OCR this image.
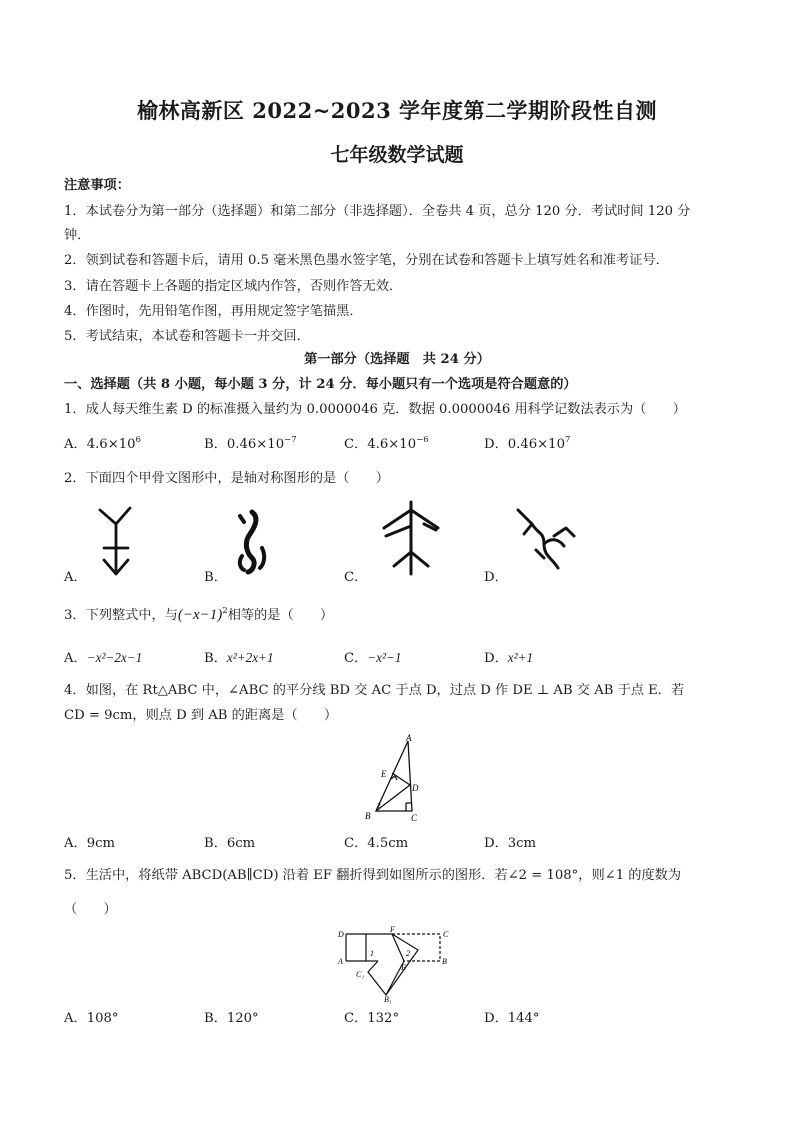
榆林高新区 2022~2023 学年度第二学期阶段性自测
七年级数学试题
注意事项：
1．本试卷分为第一部分（选择题）和第二部分（非选择题）．全卷共 4 页，总分 120 分．考试时间 120 分
钟．
2．领到试卷和答题卡后，请用 0.5 毫米黑色墨水签字笔，分别在试卷和答题卡上填写姓名和准考证号．
3．请在答题卡上各题的指定区域内作答，否则作答无效．
4．作图时，先用铅笔作图，再用规定签字笔描黑．
5．考试结束，本试卷和答题卡一并交回．
第一部分（选择题　共 24 分）
一、选择题（共 8 小题，每小题 3 分，计 24 分．每小题只有一个选项是符合题意的）
1．成人每天维生素 D 的标准摄入量约为 0.0000046 克．数据 0.0000046 用科学记数法表示为（　　）
A．$4.6\times 10^6$	B．$0.46\times 10^{-7}$	C．$4.6\times 10^{-6}$	D．$0.46\times 10^7$
2．下面四个甲骨文图形中，是轴对称图形的是（　　）
A．	B．	C．	D．
3．下列整式中，与$(-x-1)^2$相等的是（　　）
A．−x²−2x−1	B．x²+2x+1	C．−x²−1	D．x²+1
4．如图，在 Rt△ABC 中，∠ABC 的平分线 BD 交 AC 于点 D，过点 D 作 DE ⊥ AB 交 AB 于点 E．若
CD = 9cm，则点 D 到 AB 的距离是（　　）
A
E
D
B	C
2
A．9cm	B．6cm	C．4.5cm	D．3cm
5．生活中，将纸带 ABCD(AB∥CD) 沿着 EF 翻折得到如图所示的图形．若∠2 = 108°，则∠1 的度数为
（　　）
D
F
C
A
1	2
E
B
C₁
B₁
A．108°	B．120°	C．132°	D．144°
